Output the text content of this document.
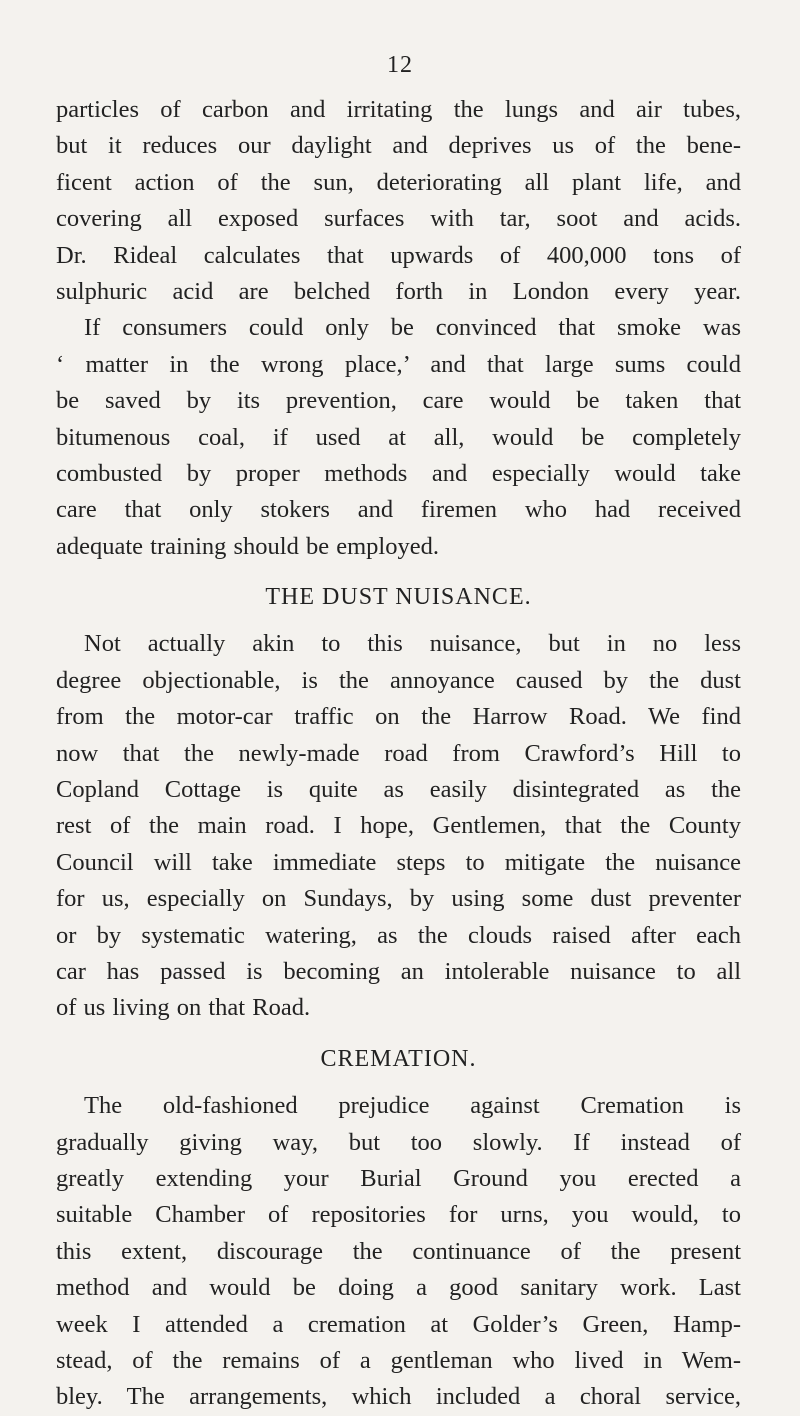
12
particles of carbon and irritating the lungs and air tubes,
but it reduces our daylight and deprives us of the bene-
ficent action of the sun, deteriorating all plant life, and
covering all exposed surfaces with tar, soot and acids.
Dr. Rideal calculates that upwards of 400,000 tons of
sulphuric acid are belched forth in London every year.
If consumers could only be convinced that smoke was
‘ matter in the wrong place,’ and that large sums could
be saved by its prevention, care would be taken that
bitumenous coal, if used at all, would be completely
combusted by proper methods and especially would take
care that only stokers and firemen who had received
adequate training should be employed.
THE DUST NUISANCE.
Not actually akin to this nuisance, but in no less
degree objectionable, is the annoyance caused by the dust
from the motor-car traffic on the Harrow Road. We find
now that the newly-made road from Crawford’s Hill to
Copland Cottage is quite as easily disintegrated as the
rest of the main road. I hope, Gentlemen, that the County
Council will take immediate steps to mitigate the nuisance
for us, especially on Sundays, by using some dust preventer
or by systematic watering, as the clouds raised after each
car has passed is becoming an intolerable nuisance to all
of us living on that Road.
CREMATION.
The old-fashioned prejudice against Cremation is
gradually giving way, but too slowly. If instead of
greatly extending your Burial Ground you erected a
suitable Chamber of repositories for urns, you would, to
this extent, discourage the continuance of the present
method and would be doing a good sanitary work. Last
week I attended a cremation at Golder’s Green, Hamp-
stead, of the remains of a gentleman who lived in Wem-
bley. The arrangements, which included a choral service,
